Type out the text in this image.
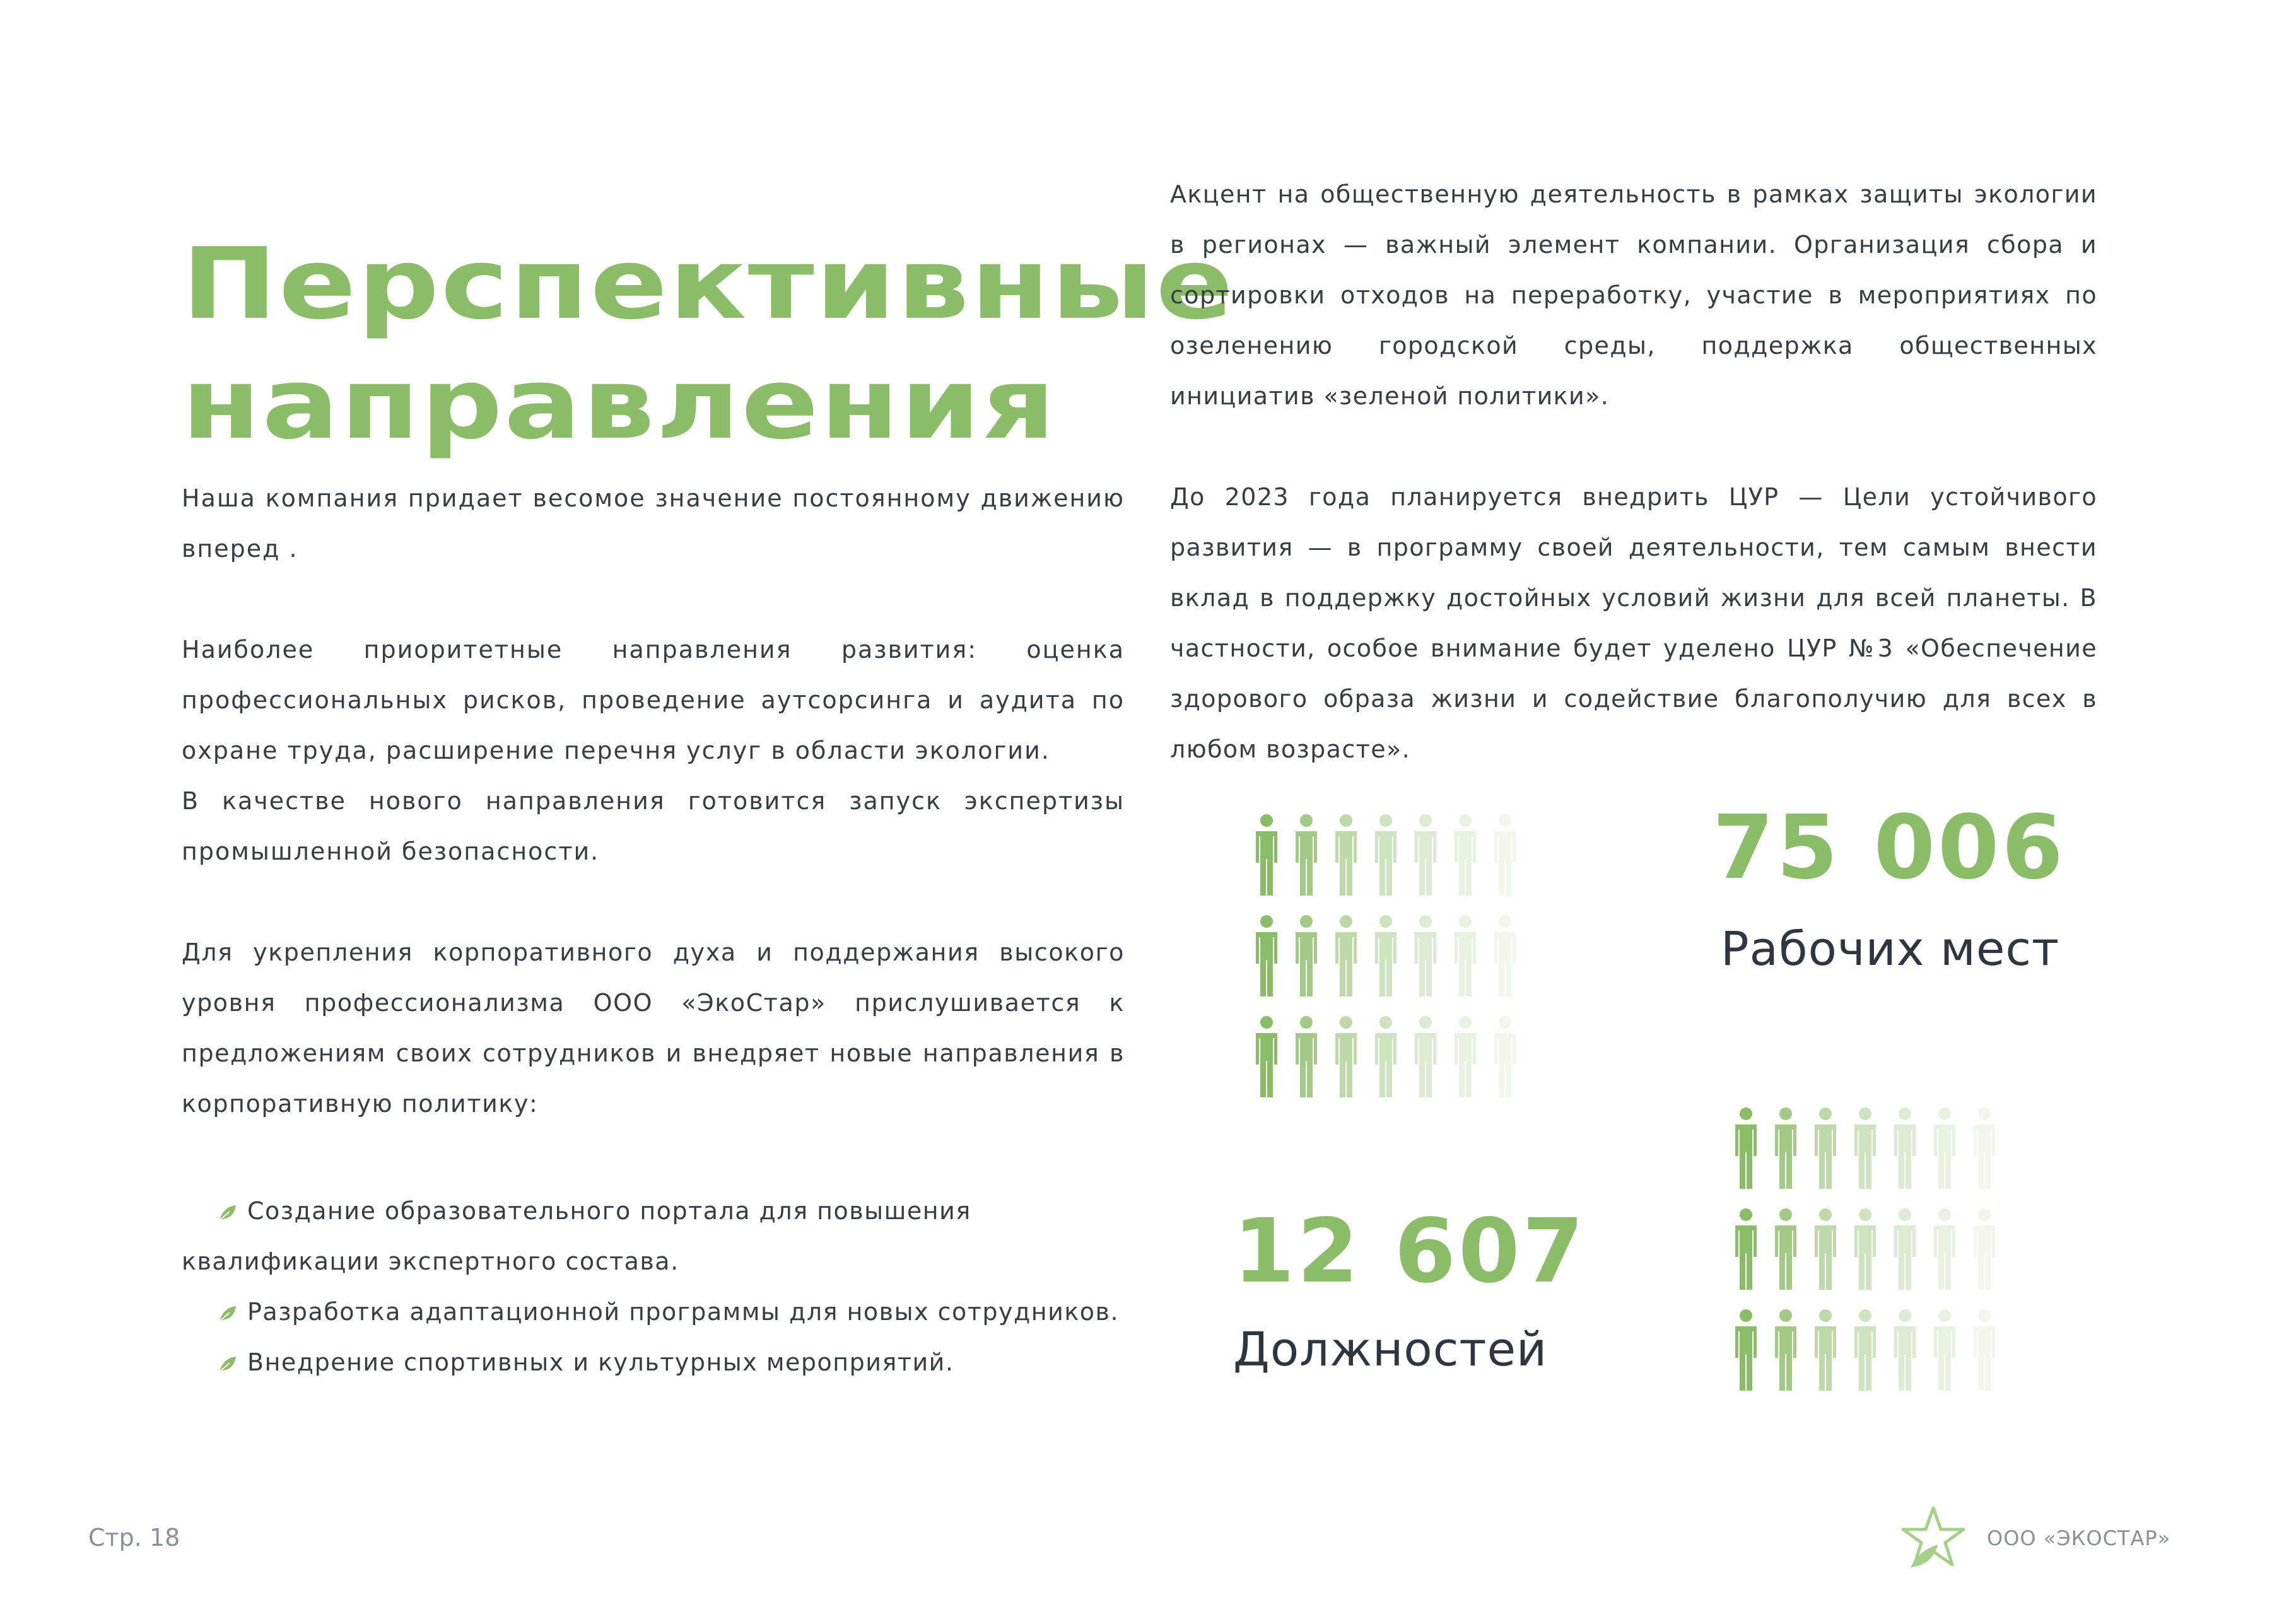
Перспективные
направления

Наша компания придает весомое значение постоянному движению вперед .

Наиболее приоритетные направления развития: оценка профессиональных рисков, проведение аутсорсинга и аудита по охране труда, расширение перечня услуг в области экологии.

В качестве нового направления готовится запуск экспертизы промышленной безопасности.

Для укрепления корпоративного духа и поддержания высокого уровня профессионализма ООО «ЭкоСтар» прислушивается к предложениям своих сотрудников и внедряет новые направления в корпоративную политику:

Создание образовательного портала для повышения
квалификации экспертного состава.
Разработка адаптационной программы для новых сотрудников.
Внедрение спортивных и культурных мероприятий.

Акцент на общественную деятельность в рамках защиты экологии в регионах — важный элемент компании. Организация сбора и сортировки отходов на переработку, участие в мероприятиях по озеленению городской среды, поддержка общественных инициатив «зеленой политики».

До 2023 года планируется внедрить ЦУР — Цели устойчивого развития — в программу своей деятельности, тем самым внести вклад в поддержку достойных условий жизни для всей планеты. В частности, особое внимание будет уделено ЦУР №3 «Обеспечение здорового образа жизни и содействие благополучию для всех в любом возрасте».

75 006
Рабочих мест
12 607
Должностей
Стр. 18	ООО «ЭКОСТАР»
